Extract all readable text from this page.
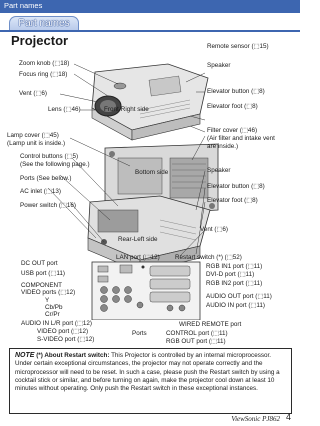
Part names
Part names
Projector
Zoom knob (⬚18)
Focus ring (⬚18)
Vent (⬚6)
Lens (⬚46)	Front-Right side
Remote sensor (⬚15)
Speaker
Elevator button (⬚8)
Elevator foot (⬚8)
Lamp cover (⬚45)
(Lamp unit is inside.)
Filter cover (⬚46)
(Air filter and intake vent
are inside.)
Bottom side
Control buttons (⬚5)
(See the following page.)
Ports (See below.)
AC inlet (⬚13)
Power switch (⬚16)
Speaker
Elevator button (⬚8)
Elevator foot (⬚8)
Vent (⬚6)
Rear-Left side
LAN port (⬚12) Restart switch (*) (⬚52)
DC OUT port
USB port (⬚11)
COMPONENT
VIDEO ports (⬚12)
Y
Cb/Pb
Cr/Pr
AUDIO IN L/R port (⬚12)
VIDEO port (⬚12)
S-VIDEO port (⬚12)
RGB IN1 port (⬚11)
DVI-D port (⬚11)
RGB IN2 port (⬚11)
AUDIO OUT port (⬚11)
AUDIO IN port (⬚11)
WIRED REMOTE port
Ports	CONTROL port (⬚11)
RGB OUT port (⬚11)
NOTE (*) About Restart switch: This Projector is controlled by an internal microprocessor. Under certain exceptional circumstances, the projector may not operate correctly and the microprocessor will need to be reset. In such a case, please push the Restart switch by using a cocktail stick or similar, and before turning on again, make the projector cool down at least 10 minutes without operating. Only push the Restart switch in these exceptional instances.
ViewSonic PJ862 4
